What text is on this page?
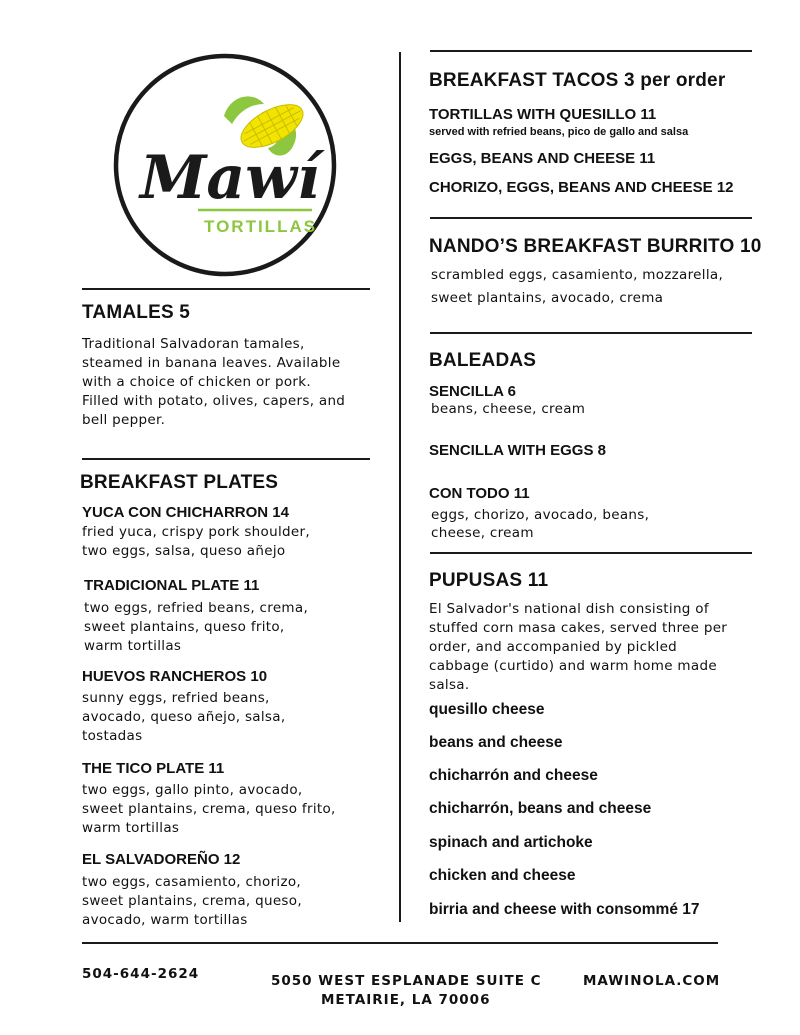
Mawí
TORTILLAS
TAMALES 5
Traditional Salvadoran tamales,
steamed in banana leaves. Available
with a choice of chicken or pork.
Filled with potato, olives, capers, and
bell pepper.
BREAKFAST PLATES
YUCA CON CHICHARRON 14
fried yuca, crispy pork shoulder,
two eggs, salsa, queso añejo
TRADICIONAL PLATE 11
two eggs, refried beans, crema,
sweet plantains, queso frito,
warm tortillas
HUEVOS RANCHEROS 10
sunny eggs, refried beans,
avocado, queso añejo, salsa,
tostadas
THE TICO PLATE 11
two eggs, gallo pinto, avocado,
sweet plantains, crema, queso frito,
warm tortillas
EL SALVADOREÑO 12
two eggs, casamiento, chorizo,
sweet plantains, crema, queso,
avocado, warm tortillas
BREAKFAST TACOS 3 per order
TORTILLAS WITH QUESILLO 11
served with refried beans, pico de gallo and salsa
EGGS, BEANS AND CHEESE 11
CHORIZO, EGGS, BEANS AND CHEESE 12
NANDO’S BREAKFAST BURRITO 10
scrambled eggs, casamiento, mozzarella,
sweet plantains, avocado, crema
BALEADAS
SENCILLA 6
beans, cheese, cream
SENCILLA WITH EGGS 8
CON TODO 11
eggs, chorizo, avocado, beans,
cheese, cream
PUPUSAS 11
El Salvador's national dish consisting of
stuffed corn masa cakes, served three per
order, and accompanied by pickled
cabbage (curtido) and warm home made
salsa.
quesillo cheese
beans and cheese
chicharrón and cheese
chicharrón, beans and cheese
spinach and artichoke
chicken and cheese
birria and cheese with consommé 17
504-644-2624	5050 WEST ESPLANADE SUITE C
METAIRIE, LA 70006
MAWINOLA.COM
